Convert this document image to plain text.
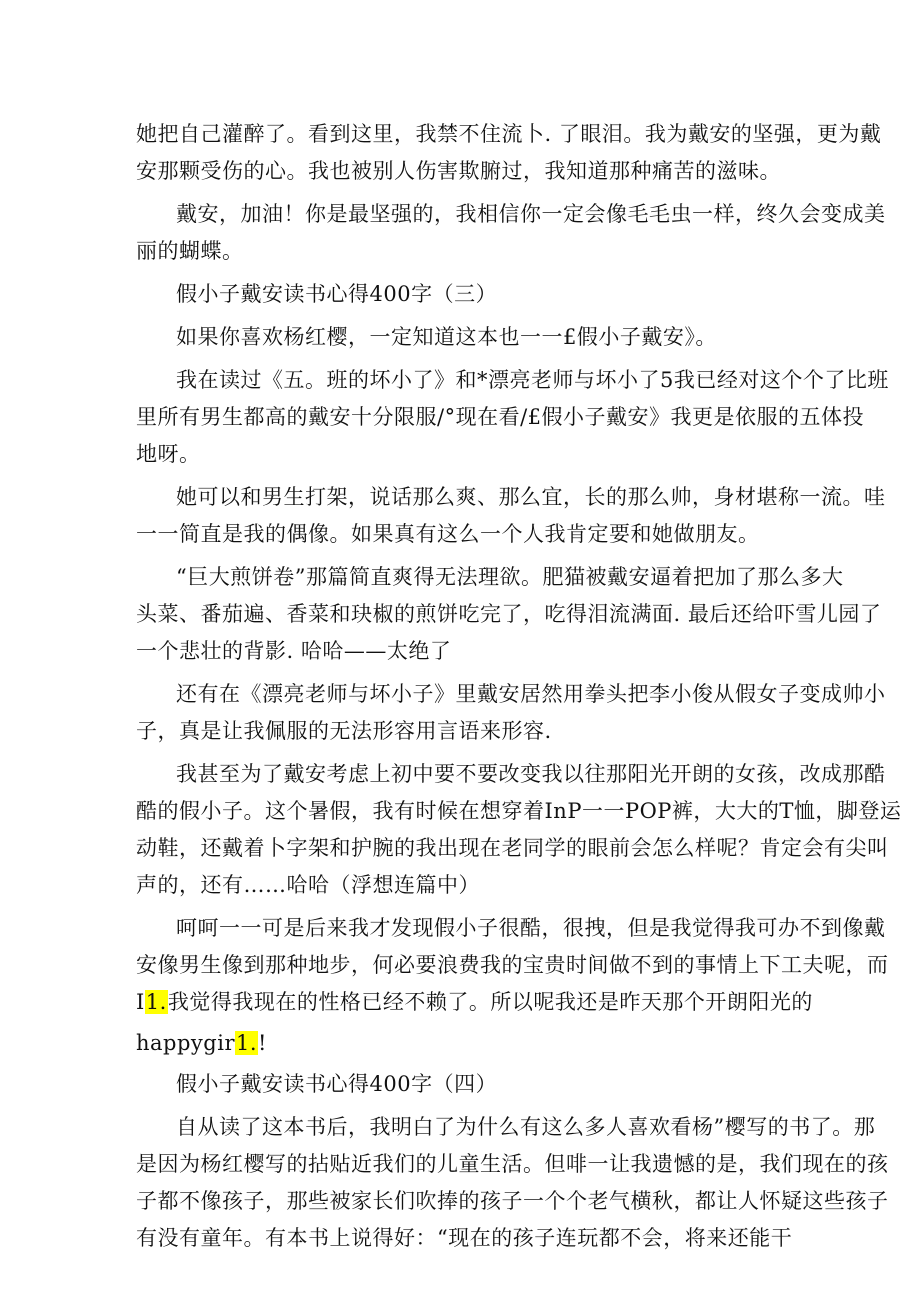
她把自己灌醉了。看到这里，我禁不住流卜. 了眼泪。我为戴安的坚强，更为戴
安那颗受伤的心。我也被别人伤害欺腑过，我知道那种痛苦的滋味。
戴安，加油！你是最坚强的，我相信你一定会像毛毛虫一样，终久会变成美
丽的蝴蝶。
假小子戴安读书心得400字（三）
如果你喜欢杨红樱，一定知道这本也一一£假小子戴安》。
我在读过《五。班的坏小了》和*漂亮老师与坏小了5我已经对这个个了比班
里所有男生都高的戴安十分限服/°现在看/£假小子戴安》我更是依服的五体投
地呀。
她可以和男生打架，说话那么爽、那么宜，长的那么帅，身材堪称一流。哇
一一简直是我的偶像。如果真有这么一个人我肯定要和她做朋友。
“巨大煎饼卷”那篇简直爽得无法理欲。肥猫被戴安逼着把加了那么多大
头菜、番茄遍、香菜和玦椒的煎饼吃完了，吃得泪流满面. 最后还给吓雪儿园了
一个悲壮的背影. 哈哈——太绝了
还有在《漂亮老师与坏小子》里戴安居然用拳头把李小俊从假女子变成帅小
子，真是让我佩服的无法形容用言语来形容.
我甚至为了戴安考虑上初中要不要改变我以往那阳光开朗的女孩，改成那酷
酷的假小子。这个暑假，我有时候在想穿着InP一一POP裤，大大的T恤，脚登运
动鞋，还戴着卜字架和护腕的我出现在老同学的眼前会怎么样呢？肯定会有尖叫
声的，还有……哈哈（浮想连篇中）
呵呵一一可是后来我才发现假小子很酷，很拽，但是我觉得我可办不到像戴
安像男生像到那种地步，何必要浪费我的宝贵时间做不到的事情上下工夫呢，而
I1.我觉得我现在的性格已经不赖了。所以呢我还是昨天那个开朗阳光的
happygir1.!
假小子戴安读书心得400字（四）
自从读了这本书后，我明白了为什么有这么多人喜欢看杨”樱写的书了。那
是因为杨红樱写的拈贴近我们的儿童生活。但啡一让我遗憾的是，我们现在的孩
子都不像孩子，那些被家长们吹捧的孩子一个个老气横秋，都让人怀疑这些孩子
有没有童年。有本书上说得好：“现在的孩子连玩都不会，将来还能干
